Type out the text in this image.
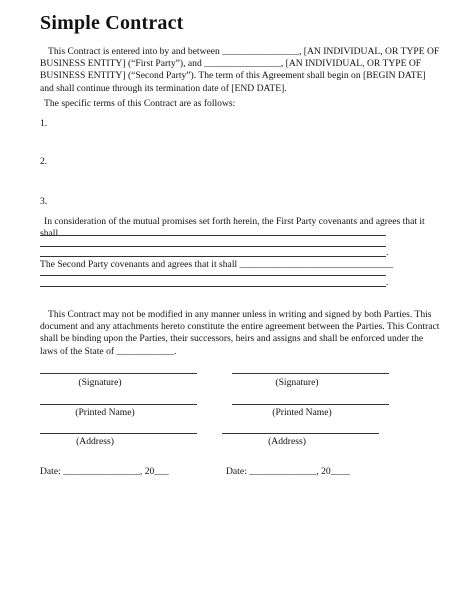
Simple Contract

This Contract is entered into by and between ________________, [AN INDIVIDUAL, OR TYPE OF BUSINESS ENTITY] (“First Party”), and ________________, [AN INDIVIDUAL, OR TYPE OF BUSINESS ENTITY] (“Second Party”). The term of this Agreement shall begin on [BEGIN DATE] and shall continue through its termination date of [END DATE].

The specific terms of this Contract are as follows:

1.

2.

3.

In consideration of the mutual promises set forth herein, the First Party covenants and agrees that it shall

.

The Second Party covenants and agrees that it shall ________________________________

.

This Contract may not be modified in any manner unless in writing and signed by both Parties. This document and any attachments hereto constitute the entire agreement between the Parties. This Contract shall be binding upon the Parties, their successors, heirs and assigns and shall be enforced under the laws of the State of ____________.

(Signature)	(Signature)

(Printed Name)	(Printed Name)

(Address)	(Address)

Date: ________________, 20___	Date: ______________, 20____
